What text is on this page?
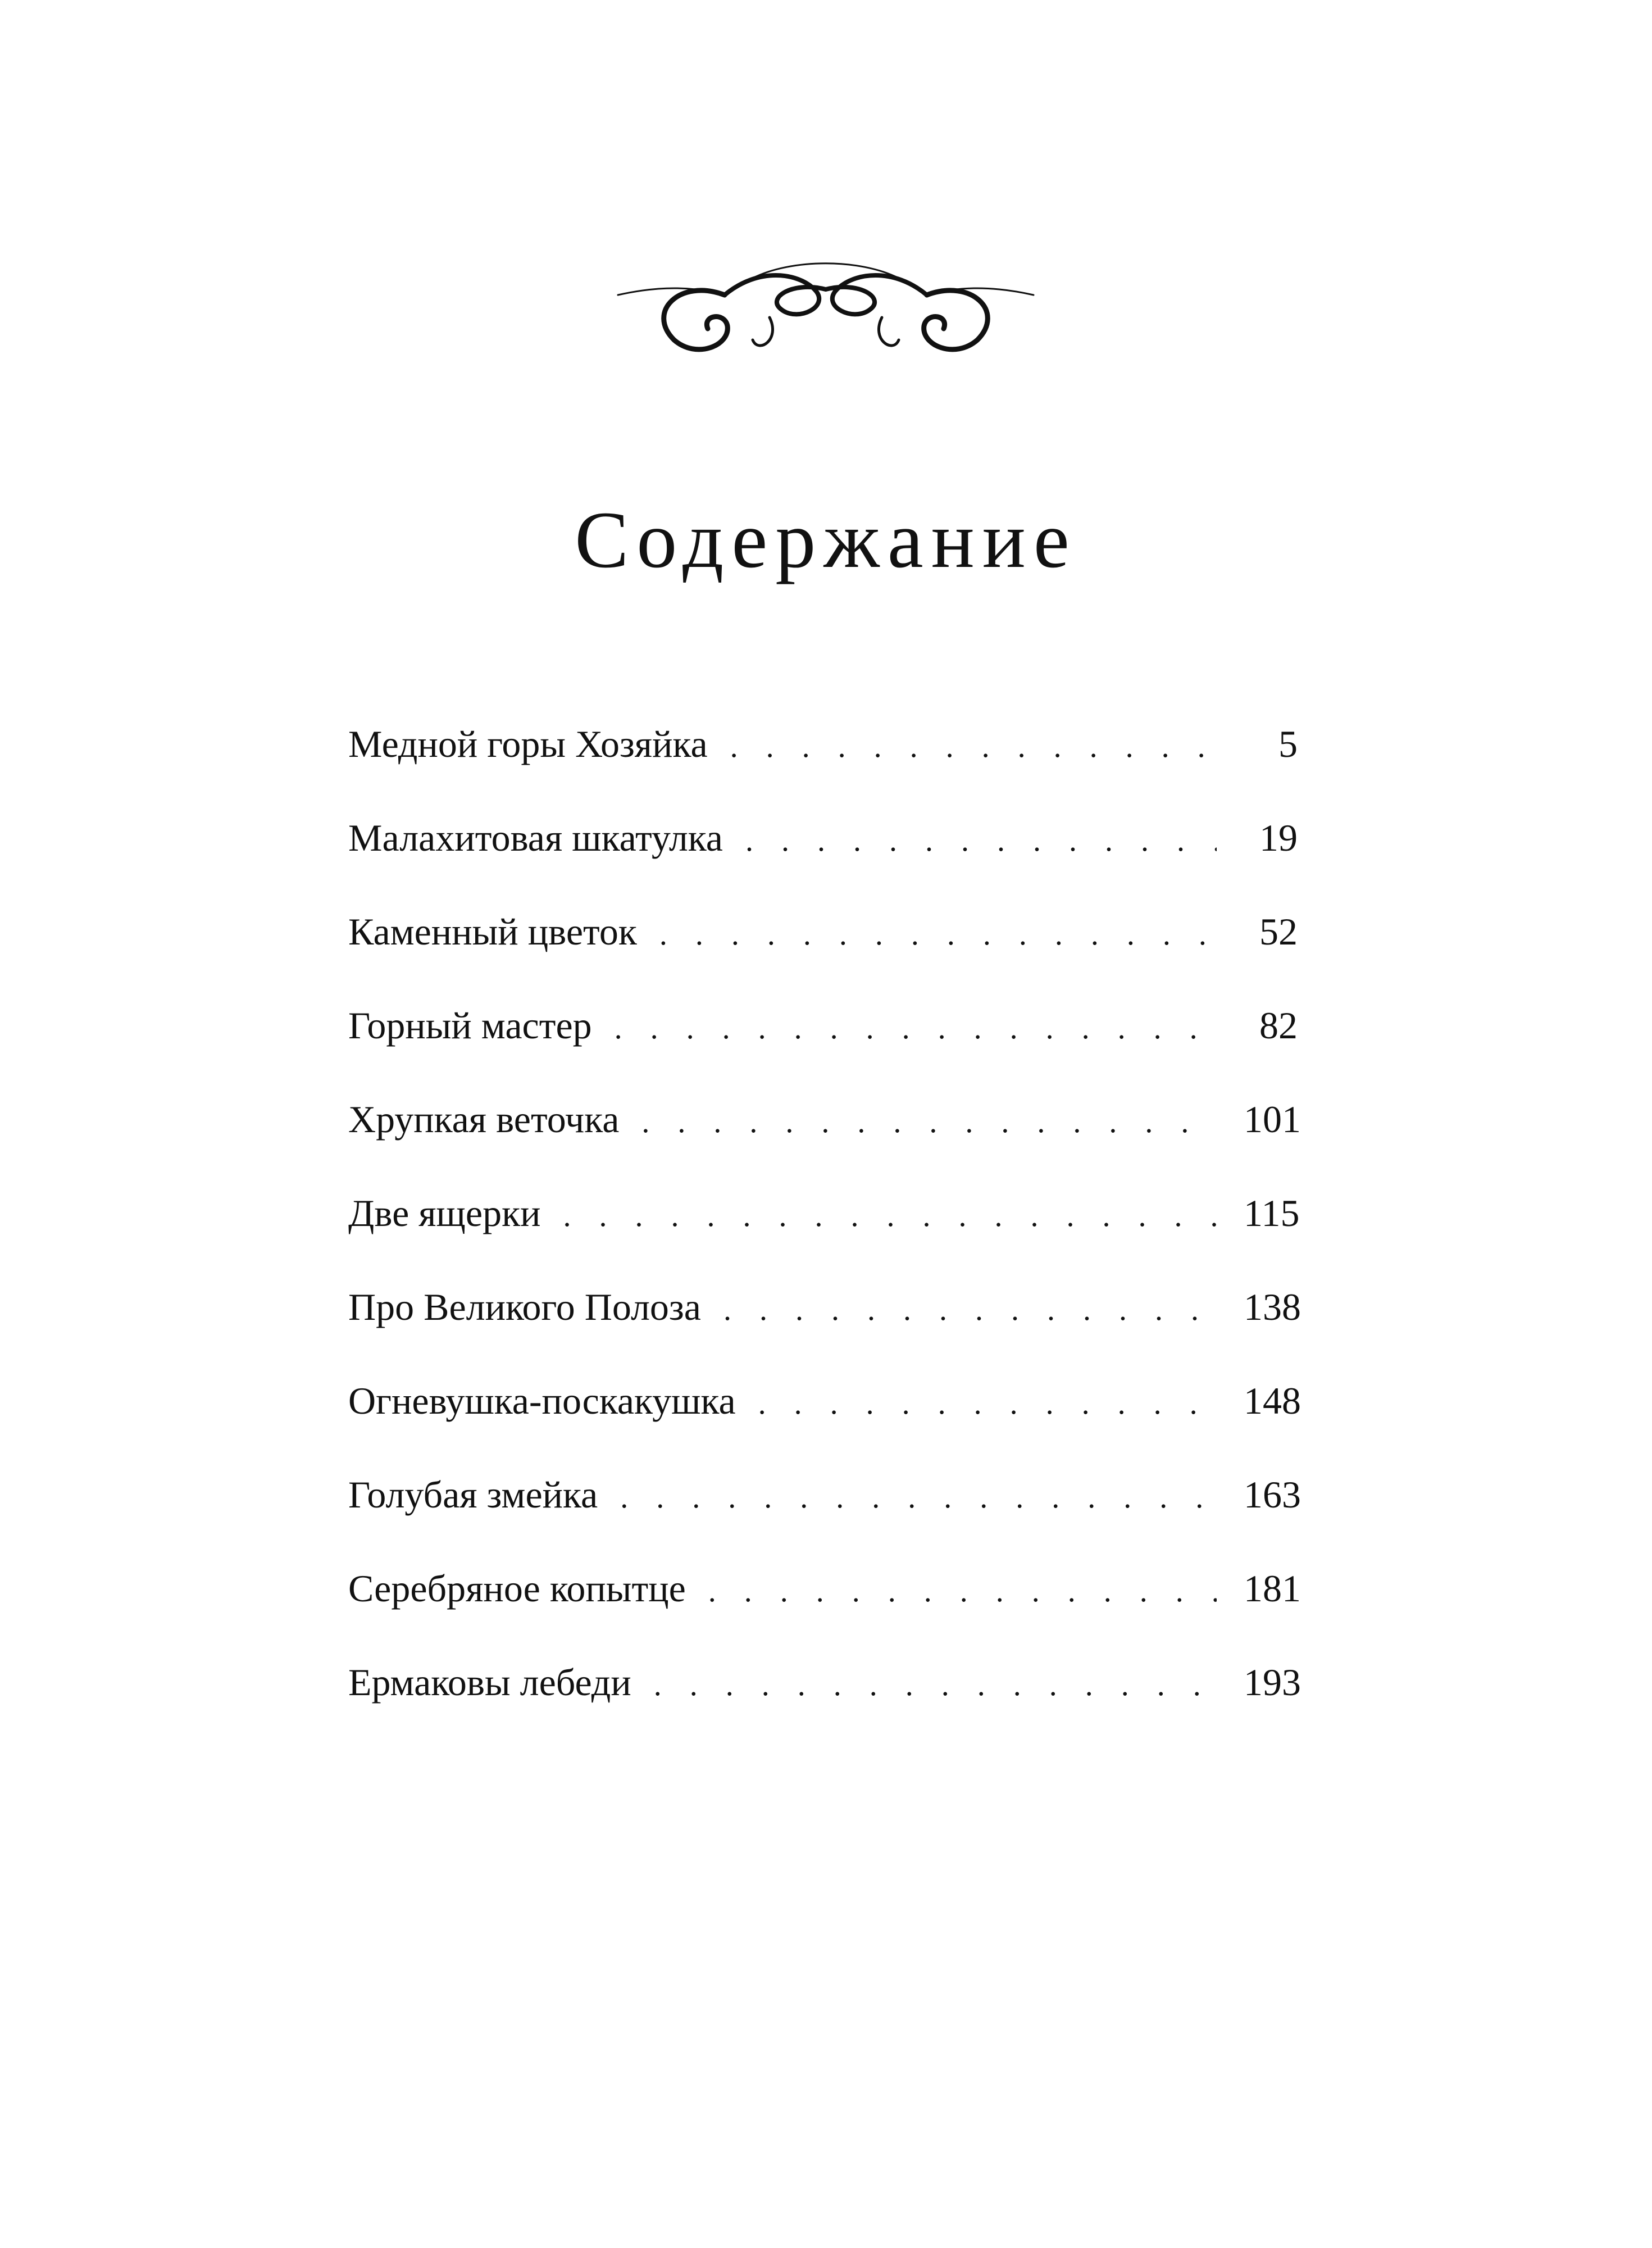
Содержание
Медной горы Хозяйка . . .	5
Малахитовая шкатулка . . .	19
Каменный цветок . . .	52
Горный мастер . . .	82
Хрупкая веточка . . .	101
Две ящерки . . .	115
Про Великого Полоза . . .	138
Огневушка-поскакушка . . .	148
Голубая змейка . . .	163
Серебряное копытце . . .	181
Ермаковы лебеди . . .	193
